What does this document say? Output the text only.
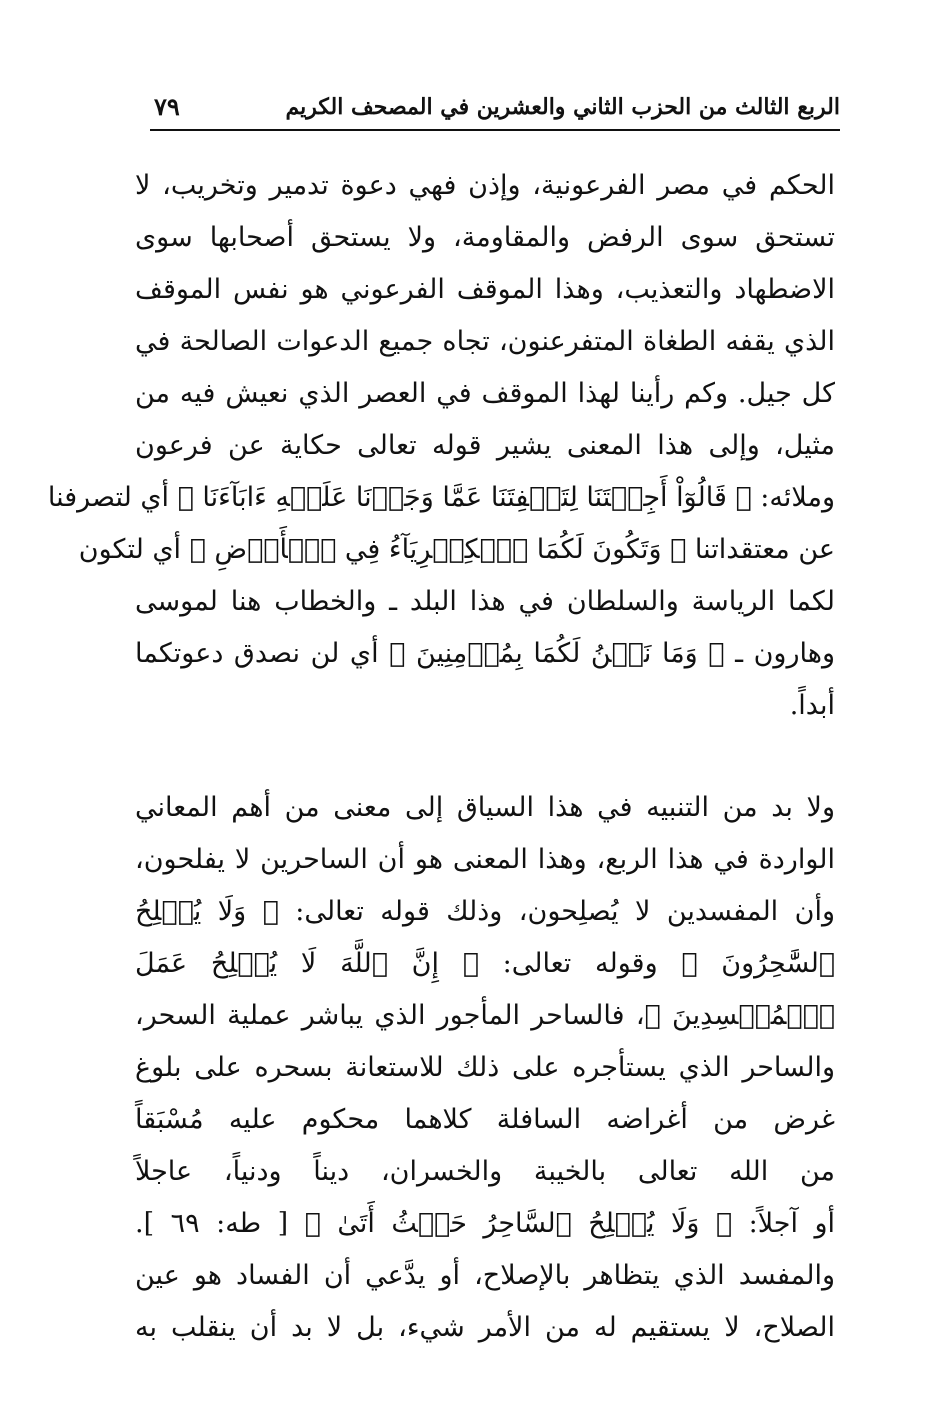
الربع الثالث من الحزب الثاني والعشرين في المصحف الكريم
٧٩
الحكم في مصر الفرعونية، وإذن فهي دعوة تدمير وتخريب، لا
تستحق سوى الرفض والمقاومة، ولا يستحق أصحابها سوى
الاضطهاد والتعذيب، وهذا الموقف الفرعوني هو نفس الموقف
الذي يقفه الطغاة المتفرعنون، تجاه جميع الدعوات الصالحة في
كل جيل. وكم رأينا لهذا الموقف في العصر الذي نعيش فيه من
مثيل، وإلى هذا المعنى يشير قوله تعالى حكاية عن فرعون
وملائه: ﴿ قَالُوٓاْ أَجِئۡتَنَا لِتَلۡفِتَنَا عَمَّا وَجَدۡنَا عَلَيۡهِ ءَابَآءَنَا ﴾ أي لتصرفنا
عن معتقداتنا ﴿ وَتَكُونَ لَكُمَا ٱلۡكِبۡرِيَآءُ فِي ٱلۡأَرۡضِ ﴾ أي لتكون
لكما الرياسة والسلطان في هذا البلد ـ والخطاب هنا لموسى
وهارون ـ ﴿ وَمَا نَحۡنُ لَكُمَا بِمُؤۡمِنِينَ ﴾ أي لن نصدق دعوتكما
أبداً.
ولا بد من التنبيه في هذا السياق إلى معنى من أهم المعاني
الواردة في هذا الربع، وهذا المعنى هو أن الساحرين لا يفلحون،
وأن المفسدين لا يُصلِحون، وذلك قوله تعالى: ﴿ وَلَا يُفۡلِحُ
ٱلسَّٰحِرُونَ ﴾ وقوله تعالى: ﴿ إِنَّ ٱللَّهَ لَا يُصۡلِحُ عَمَلَ
ٱلۡمُفۡسِدِينَ ﴾، فالساحر المأجور الذي يباشر عملية السحر،
والساحر الذي يستأجره على ذلك للاستعانة بسحره على بلوغ
غرض من أغراضه السافلة كلاهما محكوم عليه مُسْبَقاً
من الله تعالى بالخيبة والخسران، ديناً ودنياً، عاجلاً
أو آجلاً: ﴿ وَلَا يُفۡلِحُ ٱلسَّاحِرُ حَيۡثُ أَتَىٰ ﴾ [ طه: ٦٩ ].
والمفسد الذي يتظاهر بالإصلاح، أو يدَّعي أن الفساد هو عين
الصلاح، لا يستقيم له من الأمر شيء، بل لا بد أن ينقلب به
